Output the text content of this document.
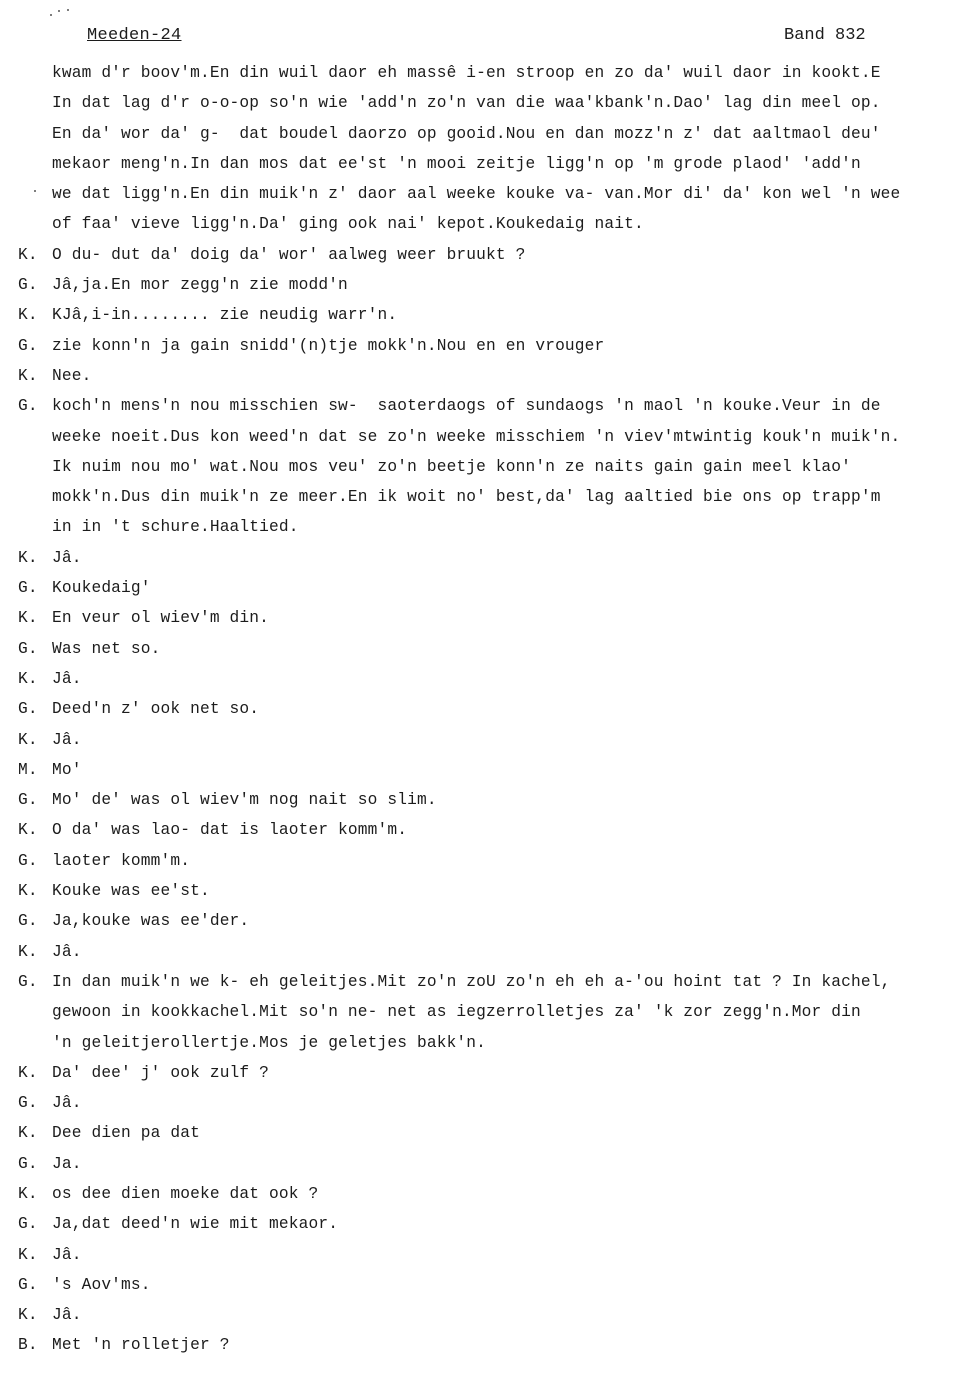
Meeden-24	Band 832
kwam d'r boov'm.En din wuil daor eh massê i-en stroop en zo da' wuil daor in kookt.E
In dat lag d'r o-o-op so'n wie 'add'n zo'n van die waa'kbank'n.Dao' lag din meel op.
En da' wor da' g-  dat boudel daorzo op gooid.Nou en dan mozz'n z' dat aaltmaol deu'
mekaor meng'n.In dan mos dat ee'st 'n mooi zeitje ligg'n op 'm grode plaod' 'add'n
we dat ligg'n.En din muik'n z' daor aal weeke kouke va- van.Mor di' da' kon wel 'n wee
of faa' vieve ligg'n.Da' ging ook nai' kepot.Koukedaig nait.
K. O du- dut da' doig da' wor' aalweg weer bruukt ?
G. Jâ,ja.En mor zegg'n zie modd'n
K. KJâ,i-in........ zie neudig warr'n.
G. zie konn'n ja gain snidd'(n)tje mokk'n.Nou en en vrouger
K. Nee.
G. koch'n mens'n nou misschien sw-  saoterdaogs of sundaogs 'n maol 'n kouke.Veur in de
weeke noeit.Dus kon weed'n dat se zo'n weeke misschiem 'n viev'mtwintig kouk'n muik'n.
Ik nuim nou mo' wat.Nou mos veu' zo'n beetje konn'n ze naits gain gain meel klao'
mokk'n.Dus din muik'n ze meer.En ik woit no' best,da' lag aaltied bie ons op trapp'm
in in 't schure.Haaltied.
K. Jâ.
G. Koukedaig'
K. En veur ol wiev'm din.
G. Was net so.
K. Jâ.
G. Deed'n z' ook net so.
K. Jâ.
M. Mo'
G. Mo' de' was ol wiev'm nog nait so slim.
K. O da' was lao- dat is laoter komm'm.
G. laoter komm'm.
K. Kouke was ee'st.
G. Ja,kouke was ee'der.
K. Jâ.
G. In dan muik'n we k- eh geleitjes.Mit zo'n zoU zo'n eh eh a-'ou hoint tat ? In kachel,
gewoon in kookkachel.Mit so'n ne- net as iegzerrolletjes za' 'k zor zegg'n.Mor din
'n geleitjerollertje.Mos je geletjes bakk'n.
K. Da' dee' j' ook zulf ?
G. Jâ.
K. Dee dien pa dat
G. Ja.
K. os dee dien moeke dat ook ?
G. Ja,dat deed'n wie mit mekaor.
K. Jâ.
G. 's Aov'ms.
K. Jâ.
B. Met 'n rolletjer ?
